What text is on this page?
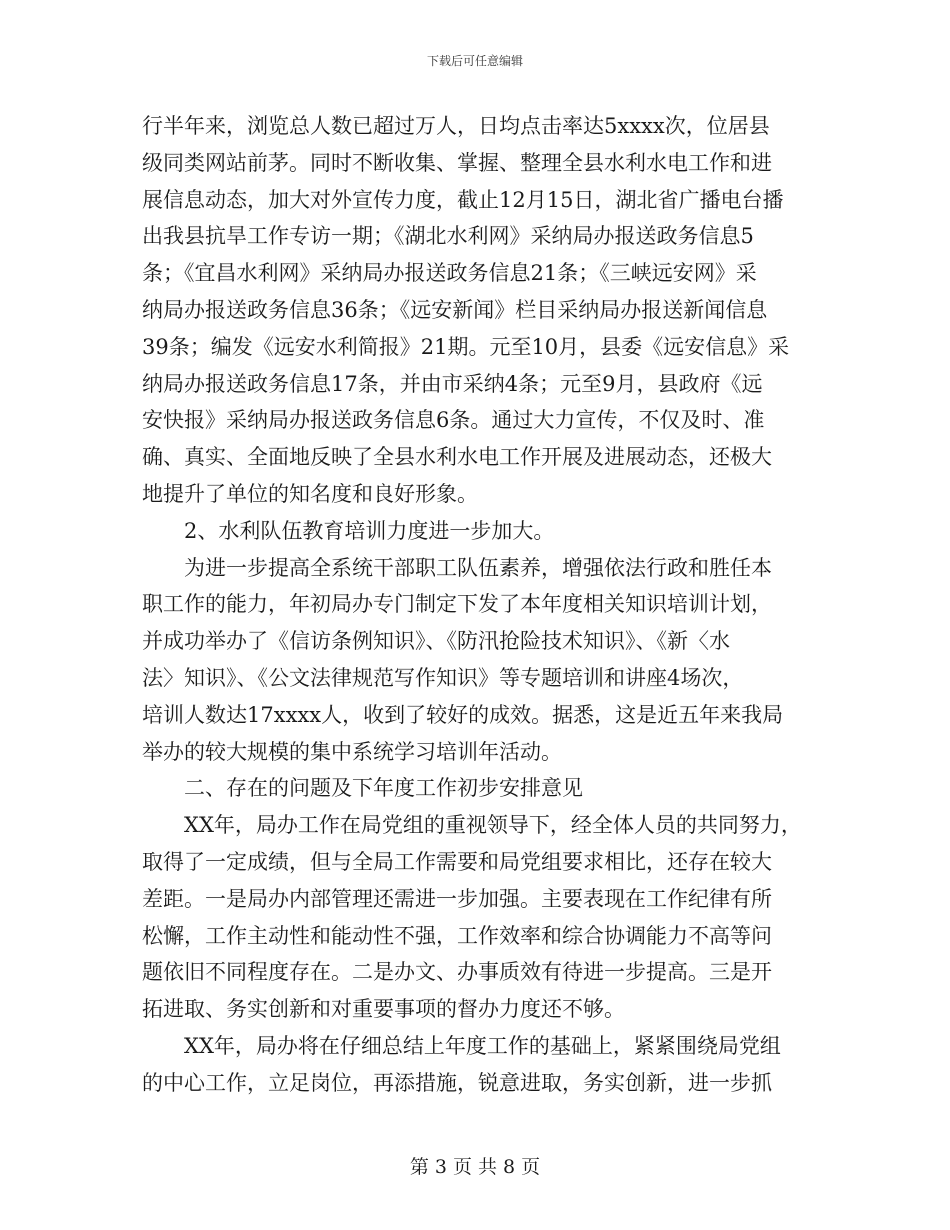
下载后可任意编辑
行半年来，浏览总人数已超过万人，日均点击率达5xxxx次，位居县
级同类网站前茅。同时不断收集、掌握、整理全县水利水电工作和进
展信息动态，加大对外宣传力度，截止12月15日，湖北省广播电台播
出我县抗旱工作专访一期；《湖北水利网》采纳局办报送政务信息5
条；《宜昌水利网》采纳局办报送政务信息21条；《三峡远安网》采
纳局办报送政务信息36条；《远安新闻》栏目采纳局办报送新闻信息
39条；编发《远安水利简报》21期。元至10月，县委《远安信息》采
纳局办报送政务信息17条，并由市采纳4条；元至9月，县政府《远
安快报》采纳局办报送政务信息6条。通过大力宣传，不仅及时、准
确、真实、全面地反映了全县水利水电工作开展及进展动态，还极大
地提升了单位的知名度和良好形象。
2、水利队伍教育培训力度进一步加大。
为进一步提高全系统干部职工队伍素养，增强依法行政和胜任本
职工作的能力，年初局办专门制定下发了本年度相关知识培训计划，
并成功举办了《信访条例知识》、《防汛抢险技术知识》、《新〈水
法〉知识》、《公文法律规范写作知识》等专题培训和讲座4场次，
培训人数达17xxxx人，收到了较好的成效。据悉，这是近五年来我局
举办的较大规模的集中系统学习培训年活动。
二、存在的问题及下年度工作初步安排意见
XX年，局办工作在局党组的重视领导下，经全体人员的共同努力，
取得了一定成绩，但与全局工作需要和局党组要求相比，还存在较大
差距。一是局办内部管理还需进一步加强。主要表现在工作纪律有所
松懈，工作主动性和能动性不强，工作效率和综合协调能力不高等问
题依旧不同程度存在。二是办文、办事质效有待进一步提高。三是开
拓进取、务实创新和对重要事项的督办力度还不够。
XX年，局办将在仔细总结上年度工作的基础上，紧紧围绕局党组
的中心工作，立足岗位，再添措施，锐意进取，务实创新，进一步抓
第 3 页 共 8 页
